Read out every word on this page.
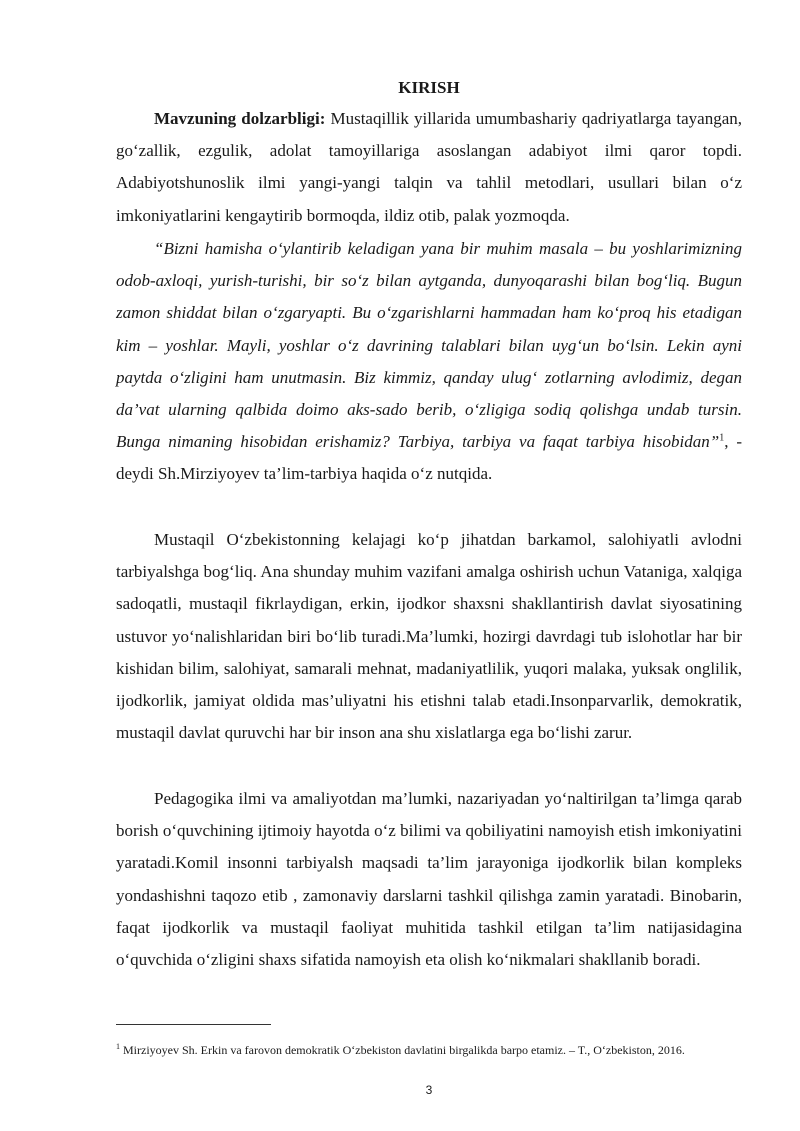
KIRISH

Mavzuning dolzarbligi: Mustaqillik yillarida umumbashariy qadriyatlarga tayangan, go‘zallik, ezgulik, adolat tamoyillariga asoslangan adabiyot ilmi qaror topdi. Adabiyotshunoslik ilmi yangi-yangi talqin va tahlil metodlari, usullari bilan o‘z imkoniyatlarini kengaytirib bormoqda, ildiz otib, palak yozmoqda.

“Bizni hamisha o‘ylantirib keladigan yana bir muhim masala – bu yoshlarimizning odob-axloqi, yurish-turishi, bir so‘z bilan aytganda, dunyoqarashi bilan bog‘liq. Bugun zamon shiddat bilan o‘zgaryapti. Bu o‘zgarishlarni hammadan ham ko‘proq his etadigan kim – yoshlar. Mayli, yoshlar o‘z davrining talablari bilan uyg‘un bo‘lsin. Lekin ayni paytda o‘zligini ham unutmasin. Biz kimmiz, qanday ulug‘ zotlarning avlodimiz, degan da’vat ularning qalbida doimo aks-sado berib, o‘zligiga sodiq qolishga undab tursin. Bunga nimaning hisobidan erishamiz? Tarbiya, tarbiya va faqat tarbiya hisobidan”$^1$, - deydi Sh.Mirziyoyev ta’lim-tarbiya haqida o‘z nutqida.

Mustaqil O‘zbekistonning kelajagi ko‘p jihatdan barkamol, salohiyatli avlodni tarbiyalshga bog‘liq. Ana shunday muhim vazifani amalga oshirish uchun Vataniga, xalqiga sadoqatli, mustaqil fikrlaydigan, erkin, ijodkor shaxsni shakllantirish davlat siyosatining ustuvor yo‘nalishlaridan biri bo‘lib turadi.Ma’lumki, hozirgi davrdagi tub islohotlar har bir kishidan bilim, salohiyat, samarali mehnat, madaniyatlilik, yuqori malaka, yuksak onglilik, ijodkorlik, jamiyat oldida mas’uliyatni his etishni talab etadi.Insonparvarlik, demokratik, mustaqil davlat quruvchi har bir inson ana shu xislatlarga ega bo‘lishi zarur.

Pedagogika ilmi va amaliyotdan ma’lumki, nazariyadan yo‘naltirilgan ta’limga qarab borish o‘quvchining ijtimoiy hayotda o‘z bilimi va qobiliyatini namoyish etish imkoniyatini yaratadi.Komil insonni tarbiyalsh maqsadi ta’lim jarayoniga ijodkorlik bilan kompleks yondashishni taqozo etib , zamonaviy darslarni tashkil qilishga zamin yaratadi. Binobarin, faqat ijodkorlik va mustaqil faoliyat muhitida tashkil etilgan ta’lim natijasidagina o‘quvchida o‘zligini shaxs sifatida namoyish eta olish ko‘nikmalari shakllanib boradi.

$^1$ Mirziyoyev Sh. Erkin va farovon demokratik O‘zbekiston davlatini birgalikda barpo etamiz. – T., O‘zbekiston, 2016.
3
